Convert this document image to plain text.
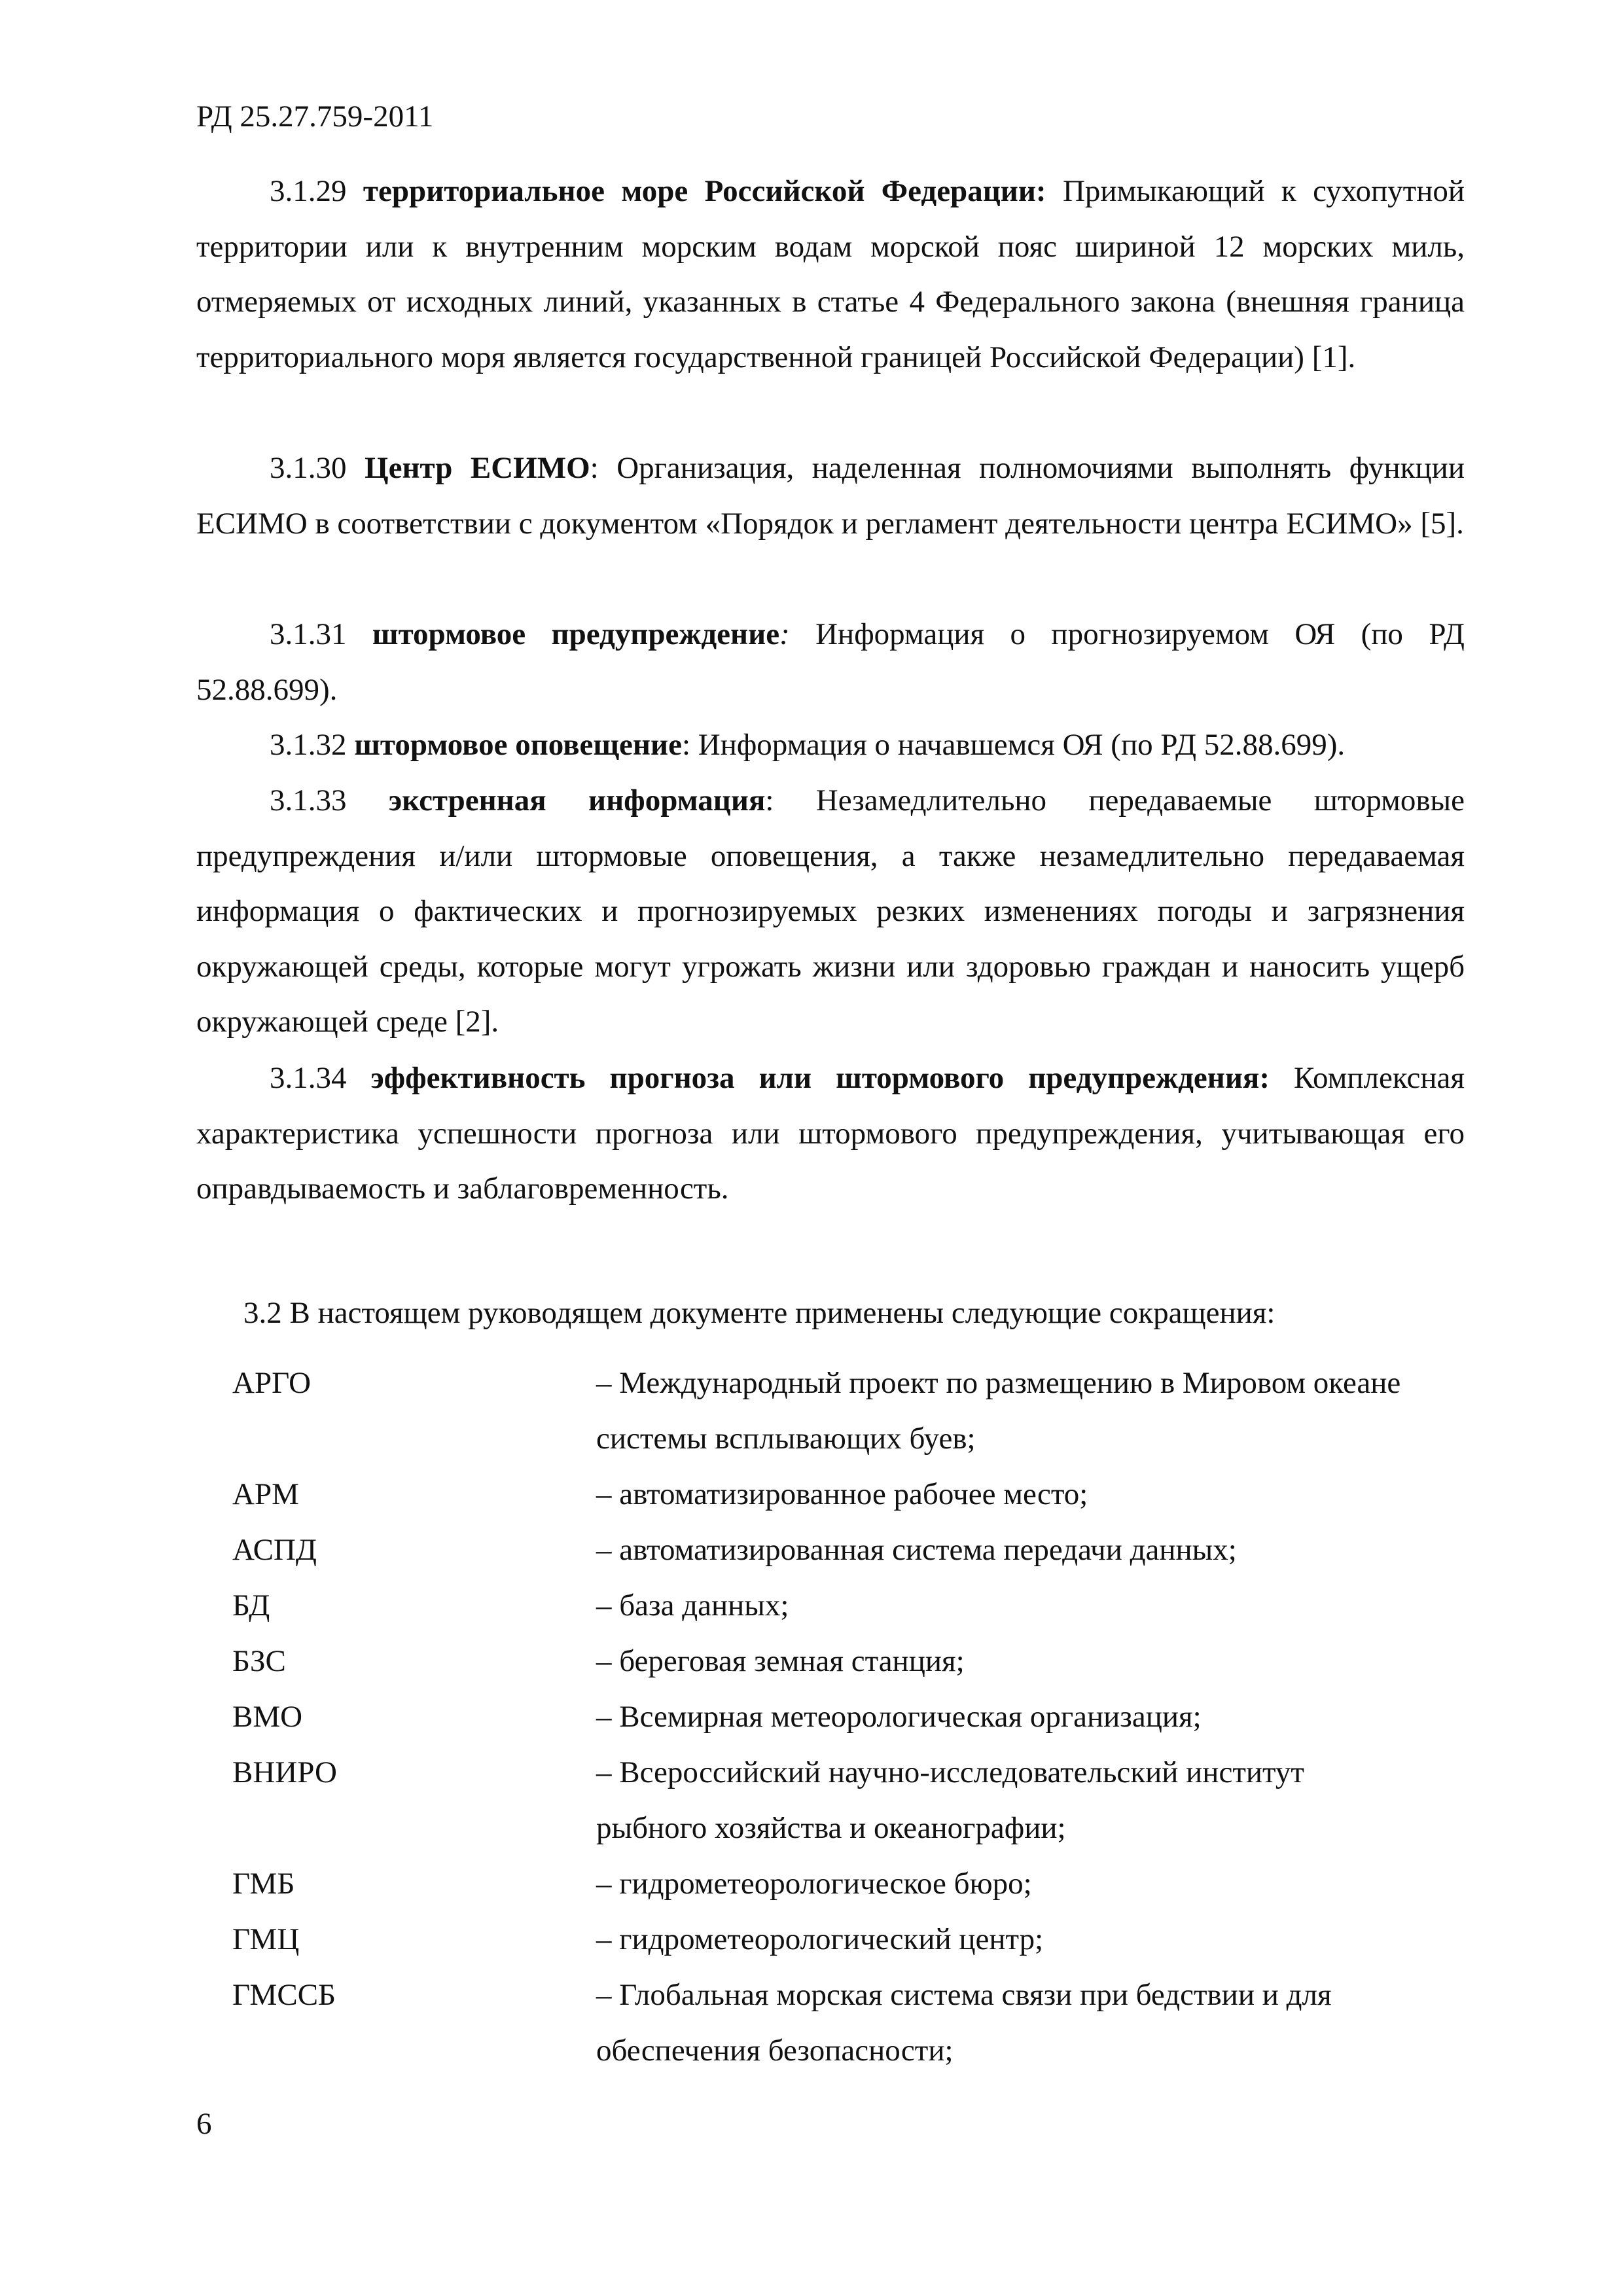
РД 25.27.759-2011

3.1.29 территориальное море Российской Федерации: Примыкающий к сухопутной территории или к внутренним морским водам морской пояс шириной 12 морских миль, отмеряемых от исходных линий, указанных в статье 4 Федерального закона (внешняя граница территориального моря является государственной границей Российской Федерации) [1].

3.1.30 Центр ЕСИМО: Организация, наделенная полномочиями выполнять функции ЕСИМО в соответствии с документом «Порядок и регламент деятельности центра ЕСИМО» [5].

3.1.31 штормовое предупреждение: Информация о прогнозируемом ОЯ (по РД 52.88.699).

3.1.32 штормовое оповещение: Информация о начавшемся ОЯ (по РД 52.88.699).

3.1.33 экстренная информация: Незамедлительно передаваемые штормовые предупреждения и/или штормовые оповещения, а также незамедлительно передаваемая информация о фактических и прогнозируемых резких изменениях погоды и загрязнения окружающей среды, которые могут угрожать жизни или здоровью граждан и наносить ущерб окружающей среде [2].

3.1.34 эффективность прогноза или штормового предупреждения: Комплексная характеристика успешности прогноза или штормового предупреждения, учитывающая его оправдываемость и заблаговременность.

3.2 В настоящем руководящем документе применены следующие сокращения:
АРГО	– Международный проект по размещению в Мировом океане
системы всплывающих буев;
АРМ	– автоматизированное рабочее место;
АСПД	– автоматизированная система передачи данных;
БД	– база данных;
БЗС	– береговая земная станция;
ВМО	– Всемирная метеорологическая организация;
ВНИРО	– Всероссийский научно-исследовательский институт
рыбного хозяйства и океанографии;
ГМБ	– гидрометеорологическое бюро;
ГМЦ	– гидрометеорологический центр;
ГМССБ	– Глобальная морская система связи при бедствии и для
обеспечения безопасности;
6
